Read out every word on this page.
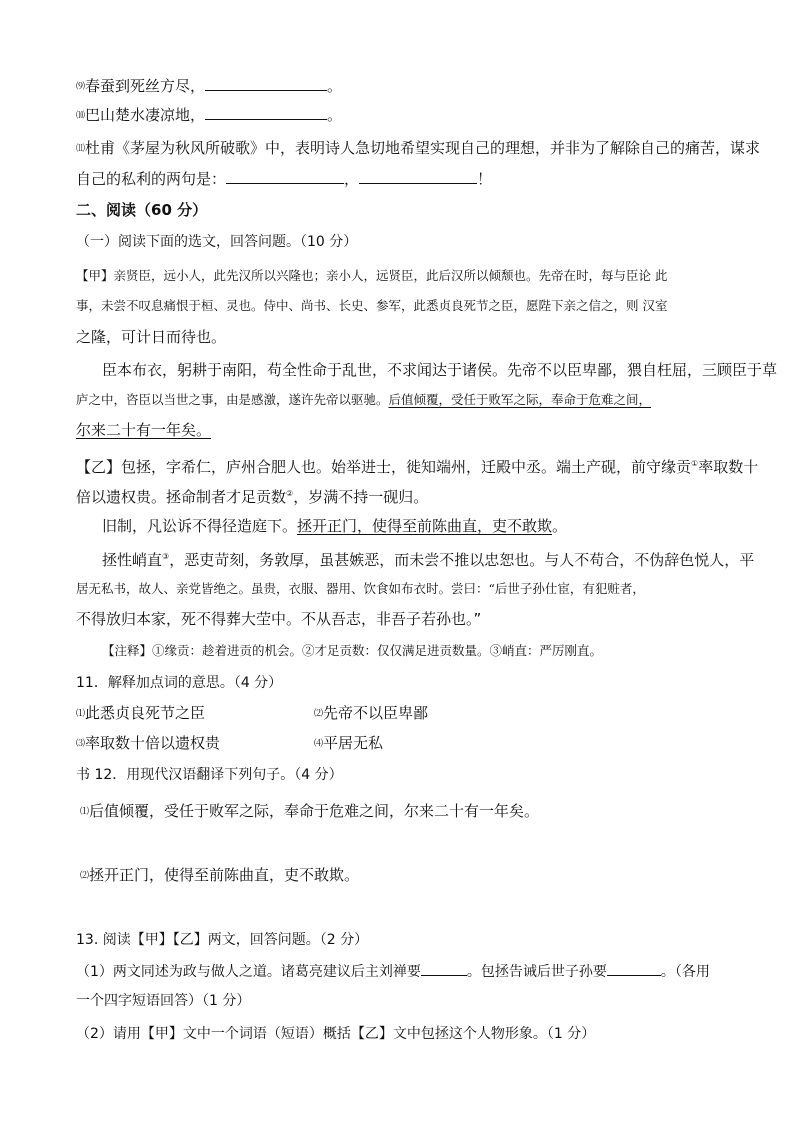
⑼春蚕到死丝方尽，	。
⑽巴山楚水凄凉地，	。
⑾杜甫《茅屋为秋风所破歌》中，表明诗人急切地希望实现自己的理想，并非为了解除自己的痛苦，谋求
自己的私利的两句是：	，	！
二、阅读（60 分）
（一）阅读下面的选文，回答问题。（10 分）
【甲】亲贤臣，远小人，此先汉所以兴隆也；亲小人，远贤臣，此后汉所以倾颓也。先帝在时，每与臣论 此
事，未尝不叹息痛恨于桓、灵也。侍中、尚书、长史、参军，此悉贞良死节之臣，愿陛下亲之信之，则 汉室
之隆，可计日而待也。
臣本布衣，躬耕于南阳，苟全性命于乱世，不求闻达于诸侯。先帝不以臣卑鄙，猥自枉屈，三顾臣于草
庐之中，咨臣以当世之事，由是感激，遂许先帝以驱驰。后值倾覆，受任于败军之际，奉命于危难之间，
尔来二十有一年矣。
【乙】包拯，字希仁，庐州合肥人也。始举进士，徙知端州，迁殿中丞。端土产砚，前守缘贡①率取数十
倍以遗权贵。拯命制者才足贡数②，岁满不持一砚归。
旧制，凡讼诉不得径造庭下。拯开正门，使得至前陈曲直，吏不敢欺。
拯性峭直③，恶吏苛刻，务敦厚，虽甚嫉恶，而未尝不推以忠恕也。与人不苟合，不伪辞色悦人，平
居无私书，故人、亲党皆绝之。虽贵，衣服、器用、饮食如布衣时。尝曰：“后世子孙仕宦，有犯赃者，
不得放归本家，死不得葬大茔中。不从吾志，非吾子若孙也。”
【注释】①缘贡：趁着进贡的机会。②才足贡数：仅仅满足进贡数量。③峭直：严厉刚直。
11．解释加点词的意思。（4 分）
⑴此悉贞良死节之臣	⑵先帝不以臣卑鄙
⑶率取数十倍以遗权贵	⑷平居无私
书 12．用现代汉语翻译下列句子。（4 分）
⑴后值倾覆，受任于败军之际，奉命于危难之间，尔来二十有一年矣。
⑵拯开正门，使得至前陈曲直，吏不敢欺。
13. 阅读【甲】【乙】两文，回答问题。（2 分）
（1）两文同述为政与做人之道。诸葛亮建议后主刘禅要	。包拯告诫后世子孙要	。（各用
一个四字短语回答）（1 分）
（2）请用【甲】文中一个词语（短语）概括【乙】文中包拯这个人物形象。（1 分）
